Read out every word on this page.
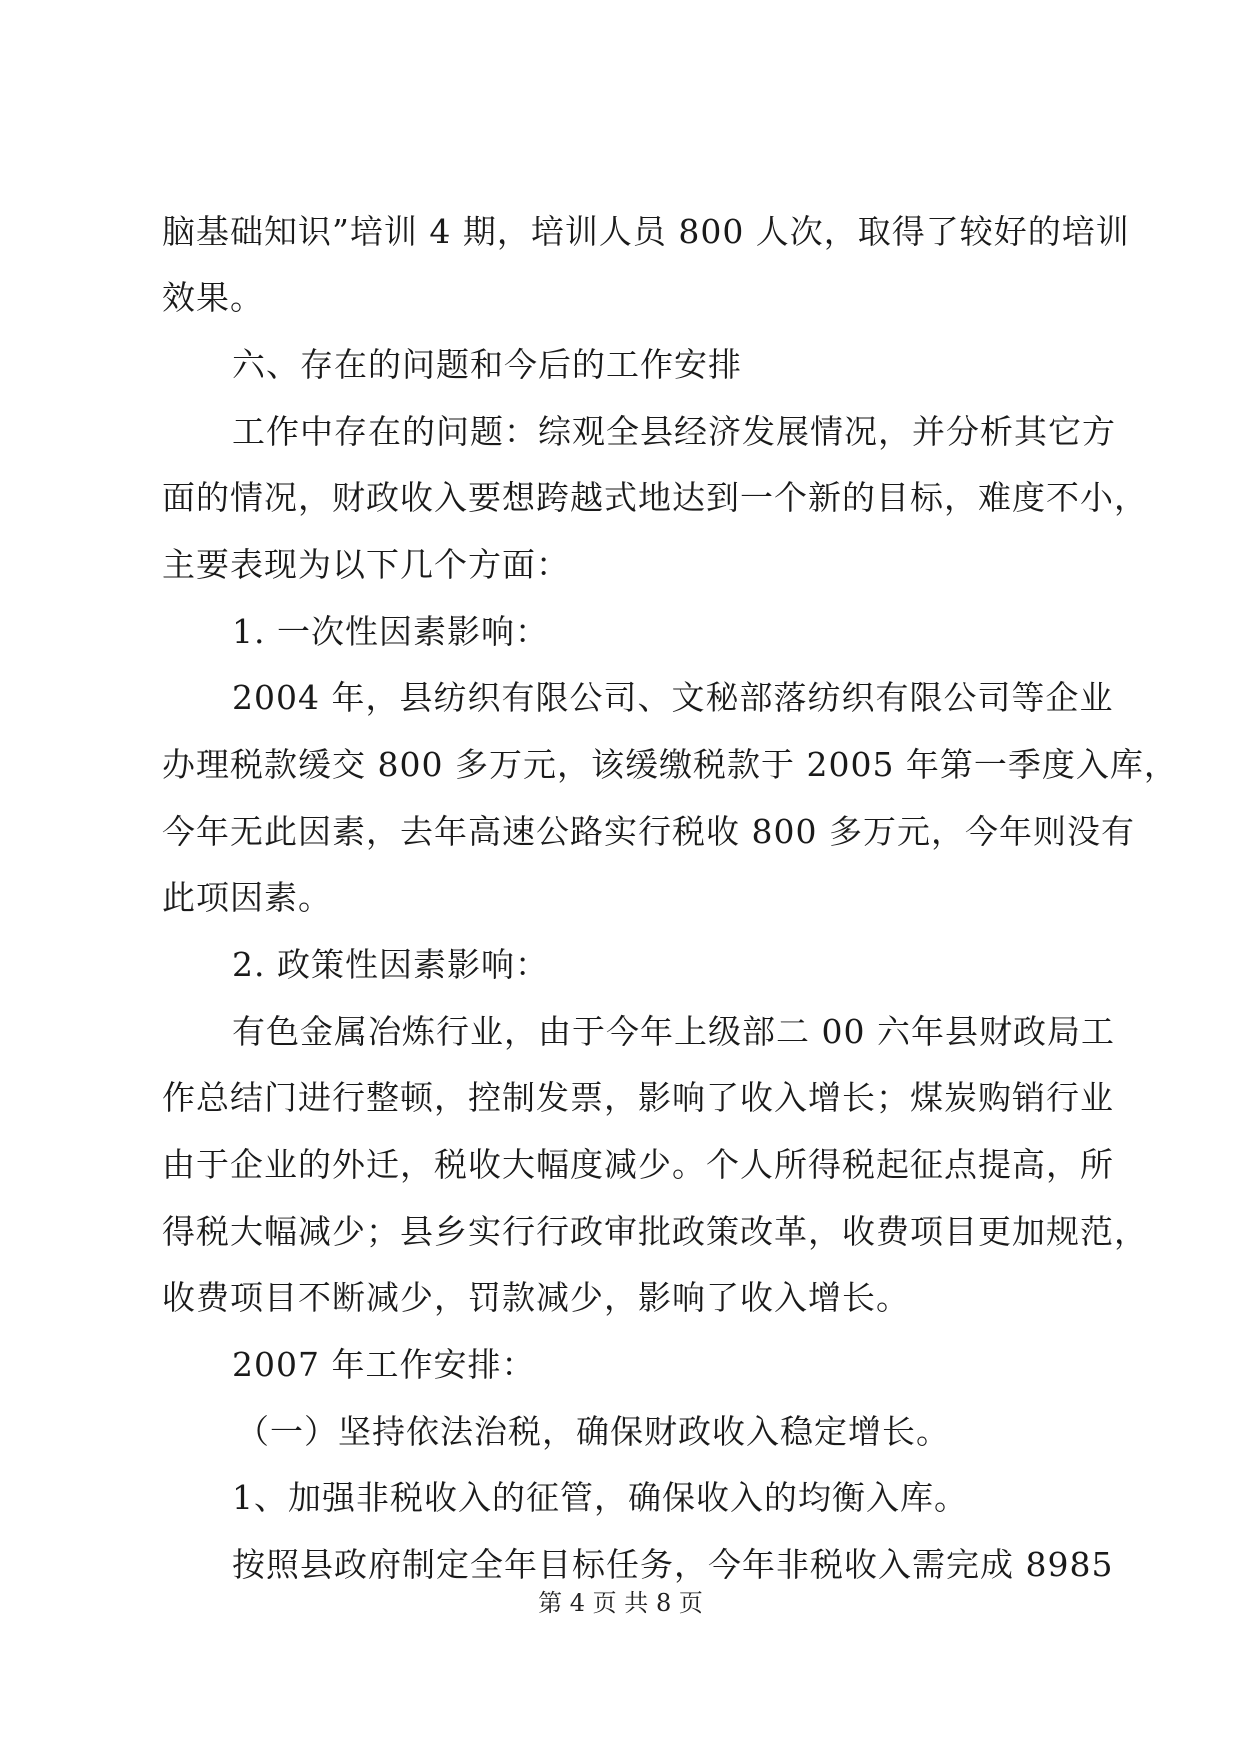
脑基础知识”培训 4 期，培训人员 800 人次，取得了较好的培训
效果。
六、存在的问题和今后的工作安排
工作中存在的问题：综观全县经济发展情况，并分析其它方
面的情况，财政收入要想跨越式地达到一个新的目标，难度不小，
主要表现为以下几个方面：
1. 一次性因素影响：
2004 年，县纺织有限公司、文秘部落纺织有限公司等企业
办理税款缓交 800 多万元，该缓缴税款于 2005 年第一季度入库，
今年无此因素，去年高速公路实行税收 800 多万元，今年则没有
此项因素。
2. 政策性因素影响：
有色金属冶炼行业，由于今年上级部二 00 六年县财政局工
作总结门进行整顿，控制发票，影响了收入增长；煤炭购销行业
由于企业的外迁，税收大幅度减少。个人所得税起征点提高，所
得税大幅减少；县乡实行行政审批政策改革，收费项目更加规范，
收费项目不断减少，罚款减少，影响了收入增长。
2007 年工作安排：
（一）坚持依法治税，确保财政收入稳定增长。
1、加强非税收入的征管，确保收入的均衡入库。
按照县政府制定全年目标任务，今年非税收入需完成 8985
第 4 页 共 8 页
